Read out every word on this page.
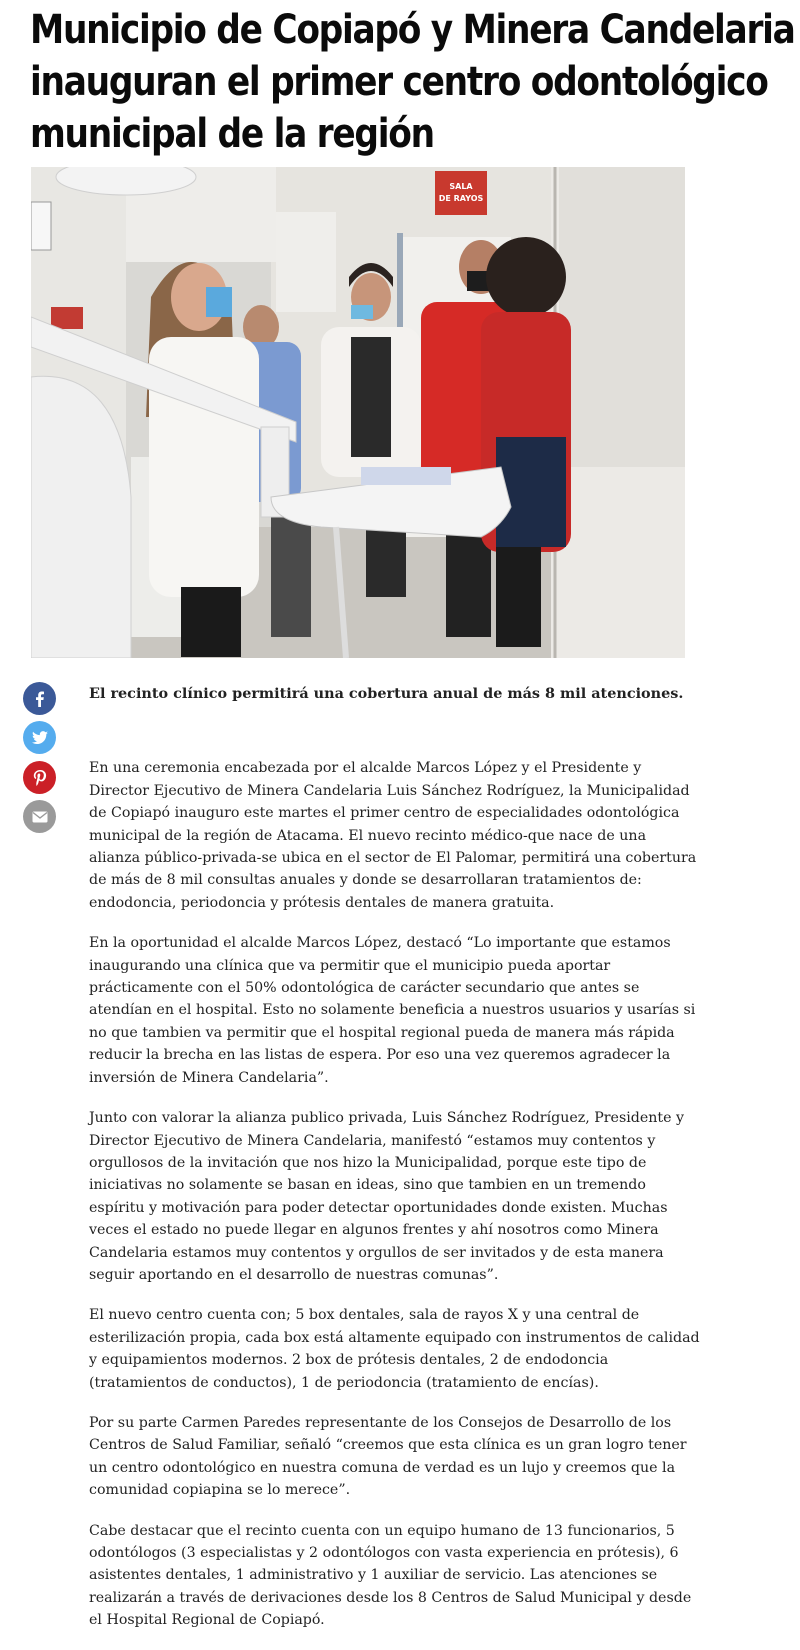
Municipio de Copiapó y Minera Candelaria inauguran el primer centro odontológico municipal de la región
SALA
DE RAYOS

El recinto clínico permitirá una cobertura anual de más 8 mil atenciones.

En una ceremonia encabezada por el alcalde Marcos López y el Presidente y Director Ejecutivo de Minera Candelaria Luis Sánchez Rodríguez, la Municipalidad de Copiapó inauguro este martes el primer centro de especialidades odontológica municipal de la región de Atacama. El nuevo recinto médico-que nace de una alianza público-privada-se ubica en el sector de El Palomar, permitirá una cobertura de más de 8 mil consultas anuales y donde se desarrollaran tratamientos de: endodoncia, periodoncia y prótesis dentales de manera gratuita.

En la oportunidad el alcalde Marcos López, destacó “Lo importante que estamos inaugurando una clínica que va permitir que el municipio pueda aportar prácticamente con el 50% odontológica de carácter secundario que antes se atendían en el hospital. Esto no solamente beneficia a nuestros usuarios y usarías si no que tambien va permitir que el hospital regional pueda de manera más rápida reducir la brecha en las listas de espera. Por eso una vez queremos agradecer la inversión de Minera Candelaria”.

Junto con valorar la alianza publico privada, Luis Sánchez Rodríguez, Presidente y Director Ejecutivo de Minera Candelaria, manifestó “estamos muy contentos y orgullosos de la invitación que nos hizo la Municipalidad, porque este tipo de iniciativas no solamente se basan en ideas, sino que tambien en un tremendo espíritu y motivación para poder detectar oportunidades donde existen. Muchas veces el estado no puede llegar en algunos frentes y ahí nosotros como Minera Candelaria estamos muy contentos y orgullos de ser invitados y de esta manera seguir aportando en el desarrollo de nuestras comunas”.

El nuevo centro cuenta con; 5 box dentales, sala de rayos X y una central de esterilización propia, cada box está altamente equipado con instrumentos de calidad y equipamientos modernos. 2 box de prótesis dentales, 2 de endodoncia (tratamientos de conductos), 1 de periodoncia (tratamiento de encías).

Por su parte Carmen Paredes representante de los Consejos de Desarrollo de los Centros de Salud Familiar, señaló “creemos que esta clínica es un gran logro tener un centro odontológico en nuestra comuna de verdad es un lujo y creemos que la comunidad copiapina se lo merece”.

Cabe destacar que el recinto cuenta con un equipo humano de 13 funcionarios, 5 odontólogos (3 especialistas y 2 odontólogos con vasta experiencia en prótesis), 6 asistentes dentales, 1 administrativo y 1 auxiliar de servicio. Las atenciones se realizarán a través de derivaciones desde los 8 Centros de Salud Municipal y desde el Hospital Regional de Copiapó.
